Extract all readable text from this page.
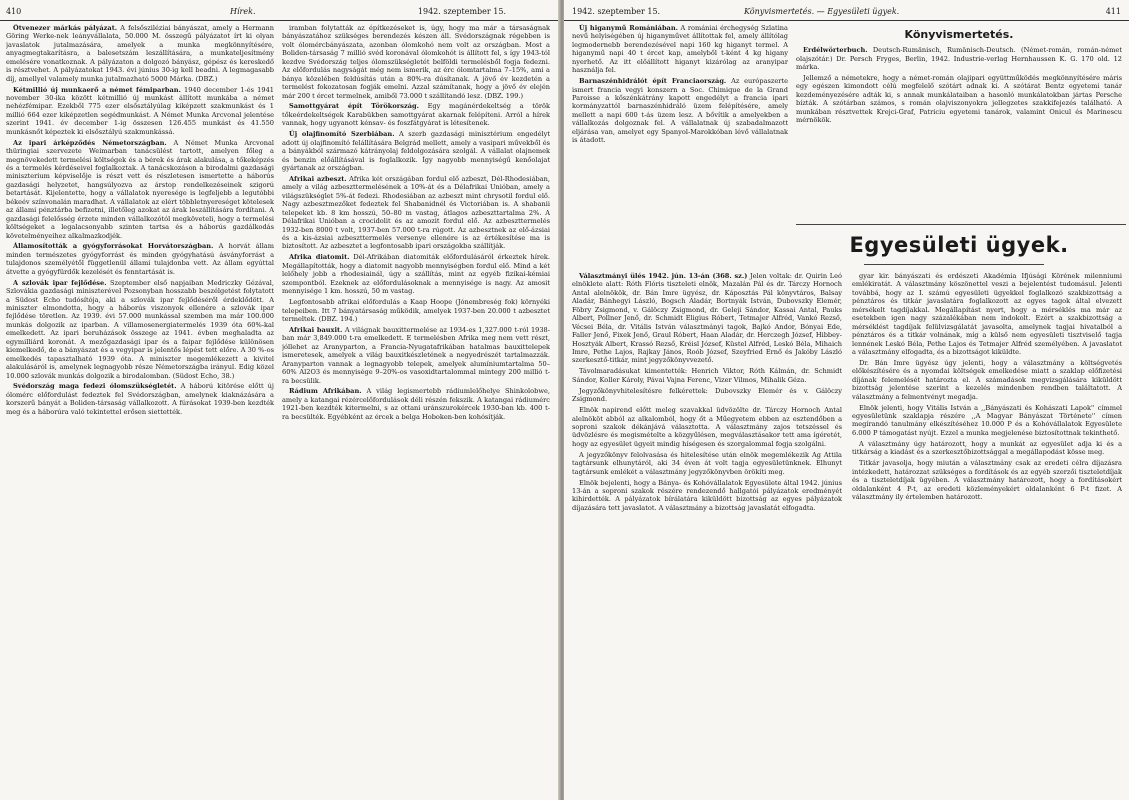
410	Hírek.	1942. szeptember 15.

Ötvenezer márkás pályázat. A felsősziléziai bányászat, amely a Hermann Göring Werke-nek leányvállalata, 50.000 M. összegű pályázatot írt ki olyan javaslatok jutalmazására, amelyek a munka megkönnyítésére, anyagmegtakarításra, a balesetszám leszállítására, a munkateljesítmény emelésére vonatkoznak. A pályázaton a dolgozó bányász, gépész és kereskedő is résztvehet. A pályázatokat 1943. évi június 30-ig kell beadni. A legmagasabb díj, amellyel valamely munka jutalmazható 5000 Márka. (DBZ.)

Kétmillió új munkaerő a német fémiparban. 1940 december 1-és 1941 november 30-ika között kétmillió új munkást állított munkába a német nehézfémipar. Ezekből 775 ezer elsősztályúlag kiképzett szakmunkást és 1 millió 664 ezer kiképzetlen segédmunkást. A Német Munka Arcvonal jelentése szerint 1941. év december 1-ig összesen 126.455 munkást és 41.550 munkásnőt képeztek ki elsősztályú szakmunkássá.

Az ipari árképződés Németországban. A Német Munka Arcvonal thüringiai szervezete Weimarban tanácsülést tartott, amelyen főleg a megnövekedett termelési költségek és a bérek és árak alakulása, a tőkeképzés és a termelés kérdéseivel foglalkoztak. A tanácskozáson a birodalmi gazdasági miniszterium képviselője is részt vett és részletesen ismertette a háborús gazdasági helyzetet, hangsúlyozva az árstop rendelkezéseinek szigorú betartását. Kijelentette, hogy a vállalatok nyeresége is legfeljebb a legutóbbi békeév színvonalán maradhat. A vállalatok az elért többletnyereséget kötelesek az állami pénztárba befizetni, illetőleg azokat az árak leszállítására fordítani. A gazdasági felelősség érzete minden vállalkozótól megköveteli, hogy a termelési költségeket a legalacsonyabb szinten tartsa és a háborús gazdálkodás követelményeihez alkalmazkodjék.

Államosították a gyógyforrásokat Horvátországban. A horvát állam minden természetes gyógyforrást és minden gyógyhatású ásványforrást a tulajdonos személyétől függetlenül állami tulajdonba vett. Az állam egyúttal átvette a gyógyfürdők kezelését és fenntartását is.

A szlovák ipar fejlődése. Szeptember első napjaiban Medriczky Gézával, Szlovákia gazdasági miniszterével Pozsonyban hosszabb beszélgetést folytatott a Südost Echo tudósítója, aki a szlovák ipar fejlődéséről érdeklődött. A miniszter elmondotta, hogy a háborús viszonyok ellenére a szlovák ipar fejlődése töretlen. Az 1939. évi 57.000 munkással szemben ma már 100.000 munkás dolgozik az iparban. A villamosenergiatermelés 1939 óta 60%-kal emelkedett. Az ipari beruházások összege az 1941. évben meghaladta az egymilliárd koronát. A mezőgazdasági ipar és a faipar fejlődése különösen kiemelkedő, de a bányászat és a vegyipar is jelentős lépést tett előre. A 30 %-os emelkedés tapasztalható 1939 óta. A miniszter megemlékezett a kivitel alakulásáról is, amelynek legnagyobb része Németországba irányul. Edig közel 10.000 szlovák munkás dolgozik a birodalomban. (Südost Echo, 38.)

Svédország maga fedezi ólomszükségletét. A háború kitörése előtt új ólomérc előfordulást fedeztek fel Svédországban, amelynek kiaknázására a korszerű bányát a Boliden-társaság vállalkozott. A fúrásokat 1939-ben kezdték meg és a háborúra való tekintettel erősen siettették.

iramban folytatták az építkezéseket is, úgy, hogy ma már a társaságnak bányászatához szükséges berendezés készen áll. Svédországnak régebben is volt ólomércbányászata, azonban ólomkohó nem volt az országban. Most a Boliden-társaság 7 millió svéd koronával ólomkohót is állított fel, s így 1943-tól kezdve Svédország teljes ólomszükségletét belföldi termelésből fogja fedezni. Az előfordulás nagyságát még nem ismerik, az érc ólomtartalma 7–15%, ami a bánya közelében feldúsítás után a 80%-ra dúsítanak. A jövő év kezdetén a termelést fokozatosan fogják emelni. Azzal számítanak, hogy a jövő év elején már 200 t ércet termelnek, amiből 73.000 t szállítandó lesz. (DBZ. 199.)

Samottgyárat épít Törökország. Egy magánérdekeltség a török tőkeérdekeltségek Karabükben samottgyárat akarnak felépíteni. Arról a hírek vannak, hogy ugyanott kénsav- és foszfátgyárat is létesítenek.

Új olajfinomító Szerbiában. A szerb gazdasági minisztérium engedélyt adott új olajfinomító felállítására Belgrád mellett, amely a vasipari művekből és a bányákból származó kátrányolaj feldolgozására szolgál. A vállalat olajnemek és benzin előállításával is foglalkozik. Így nagyobb mennyiségű kenőolajat gyártanak az országban.

Afrikai azbeszt. Afrika két országában fordul elő azbeszt, Dél-Rhodesiában, amely a világ azbeszttermelésének a 10%-át és a Délafrikai Unióban, amely a világszükséglet 5%-át fedezi. Rhodesiában az azbeszt mint chrysotil fordul elő. Nagy azbesztmezőket fedeztek fel Shabanidnél és Victoriában is. A shabanii telepeket kb. 8 km hosszú, 50–80 m vastag, átlagos azbeszttartalma 2%. A Délafrikai Unióban a crocidolit és az amozit fordul elő. Az azbeszttermelés 1932-ben 8000 t volt, 1937-ben 57.000 t-ra rúgott. Az azbesztnek az elő-ázsiai és a kis-ázsiai azbeszttermelés versenye ellenére is az értékesítése ma is biztosított. Az azbesztet a legfontosabb ipari országokba szállítják.

Afrika diatomit. Dél-Afrikában diatomiták előfordulásáról érkeztek hírek. Megállapították, hogy a diatomit nagyobb mennyiségben fordul elő. Mind a két lelőhely jobb a rhodesiainál, úgy a szállítás, mint az egyéb fizikai-kémiai szempontból. Ezeknek az előfordulásoknak a mennyisége is nagy. Az amosit mennyisége 1 km. hosszú, 50 m vastag.

Legfontosabb afrikai előfordulás a Kaap Hoope (Jónembreség fok) környéki telepeiben. Itt 7 bányatársaság működik, amelyek 1937-ben 20.000 t azbesztet termeltek. (DBZ. 194.)

Afrikai bauxit. A világnak bauxittermelése az 1934-es 1,327.000 t-ról 1938-ban már 3,849.000 t-ra emelkedett. E termelésben Afrika meg nem vett részt, jóllehet az Aranyparton, a Francia-Nyugatafrikában hatalmas bauxittelepek ismeretesek, amelyek a világ bauxitkészletének a negyedrészét tartalmazzák. Aranyparton vannak a legnagyobb telepek, amelyek alumíniumtartalma 50–60% Al2O3 és mennyisége 9–20%-os vasoxidtartalommal mintegy 200 millió t-ra becsülik.

Rádium Afrikában. A világ legismertebb rádiumlelőhelye Shinkolobwe, amely a katangai rézércelőfordulások déli részén fekszik. A katangai rádiumérc 1921-ben kezdték kitermelni, s az ottani uránszurokércek 1930-ban kb. 400 t-ra becsülték. Egyébként az ércek a belga Hoboken-ben kohósítják.

1942. szeptember 15.	Könyvismertetés. — Egyesületi ügyek.	411

Új higanymű Romániában. A romániai érchegység Szlatina nevű helyiségében új higanyművet állítottak fel, amely állítólag legmodernebb berendezésével napi 160 kg higanyt termel. A higanymű napi 40 t ércet kap, amelyből t-ként 4 kg higany nyerhető. Az itt előállított higanyt kizárólag az aranyipar használja fel.

Barnaszénhidrálót épít Franciaország. Az európaszerte ismert francia vegyi konszern a Soc. Chimique de la Grand Paroisse a kőszénkátrány kapott engedélyt a francia ipari kormányzattól barnaszénhidráló üzem felépítésére, amely mellett a napi 600 t-ás üzem lesz. A bővítik a amelyekben a vállalkozás dolgoznak fel. A vállalatnak új szabadalmazott eljárása van, amelyet egy Spanyol-Marokkóban lévő vállalatnak is átadott.

Könyvismertetés.

Erdélwörterbuch. Deutsch-Rumänisch, Rumänisch-Deutsch. (Német-román, román-német olajszótár.) Dr. Persch Fryges, Berlin, 1942. Industrie-verlag Hernhaussen K. G. 170 old. 12 márka.

Jellemző a németekre, hogy a német-román olajipari együttműködés megkönnyítésére máris egy egészen kimondott célú megfelelő szótárt adnak ki. A szótárat Bentz egyetemi tanár kezdeményezésére adták ki, s annak munkálataiban a hasonló munkálatokban jártas Persche bízták. A szótárban számos, s román olajviszonyokra jellegzetes szakkifejezés található. A munkában résztvettek Krejci-Graf, Patriciu egyetemi tanárok, valamint Onicul és Marinescu mérnökök.

Egyesületi ügyek.

Választmányi ülés 1942. jún. 13-án (368. sz.) Jelen voltak: dr. Quirin Leó elnöklete alatt: Róth Flóris tiszteleti elnök, Mazalán Pál és dr. Tárczy Hornoch Antal alelnökök, dr. Bán Imre ügyész, dr. Káposztás Pál könyvtáros, Balsay Aladár, Bánhegyi László, Bogsch Aladár, Bortnyák István, Dubovszky Elemér, Föbry Zsigmond, v. Gálöczy Zsigmond, dr. Geleji Sándor, Kassai Antal, Pauks Albert, Pollner Jenő, dr. Schmidt Eligius Róbert, Tetmajer Alfréd, Vankó Rezső, Vécsei Béla, dr. Vitális István választmányi tagok, Bajkó Andor, Bónyai Ede, Faller Jenő, Fixek Jenő, Graul Róbert, Haan Aladár, dr. Herczegh József, Hibbey-Hosztyák Albert, Krassó Rezső, Kréisl József, Küstel Alfréd, Leskó Béla, Mihaich Imre, Pethe Lajos, Rajkay János, Roób József, Szeyfried Ernő és Jakóby László szerkesztő-titkár, mint jegyzőkönyvvezető.

Távolmaradásukat kimentették: Henrich Viktor, Róth Kálmán, dr. Schmidt Sándor, Koller Károly, Pávai Vajna Ferenc, Vizer Vilmos, Mihalik Géza.

Jegyzőkönyvhitelesítésre felkérettek: Dubovszky Elemér és v. Gálöczy Zsigmond.

Elnök napirend előtt meleg szavakkal üdvözölte dr. Tárczy Hornoch Antal alelnököt abból az alkalomból, hogy őt a Műegyetem ebben az esztendőben a soproni szakok dékánjává választotta. A választmány zajos tetszéssel és üdvözlésre és megismételte a közgyűlésen, megválasztásakor tett ama ígéretét, hogy az egyesület ügyeit mindig híségesen és szorgalommal fogja szolgálni.

A jegyzőkönyv felolvasása és hitelesítése után elnök megemlékezik Ag Attila tagtársunk elhunytáról, aki 34 éven át volt tagja egyesületünknek. Elhunyt tagtársunk emlékét a választmány jegyzőkönyvben örökíti meg.

Elnök bejelenti, hogy a Bánya- és Kohóvállalatok Egyesülete által 1942. június 13-án a soproni szakok részére rendezendő hallgatói pályázatok eredményét kihirdették. A pályázatok bírálatára kiküldött bizottság az egyes pályázatok díjazására tett javaslatot. A választmány a bizottság javaslatát elfogadta.

gyar kir. bányászati és erdészeti Akadémia Ifjúsági Körének milenniumi emlékiratát. A választmány köszönettel veszi a bejelentést tudomásul. Jelenti továbbá, hogy az I. számú egyesületi ügyekkel foglalkozó szakbizottság a pénztáros és titkár javaslatára foglalkozott az egyes tagok által elvezett mérsékelt tagdíjakkal. Megállapítást nyert, hogy a mérséklés ma már az esetekben igen nagy százalékában nem indokolt. Ezért a szakbizottság a mérséklést tagdíjak felülvizsgálatát javasolta, amelynek tagjai hivatalból a pénztáros és a titkár volnának, míg a külső nem egyesületi tisztviselő tagja lennének Leskó Béla, Pethe Lajos és Tetmajer Alfréd személyében. A javaslatot a választmány elfogadta, és a bizottságot kiküldte.

Dr. Bán Imre ügyész úgy jelenti, hogy a választmány a költségvetés előkészítésére és a nyomdai költségek emelkedése miatt a szaklap előfizetési díjának felemelését határozta el. A számadások megvizsgálására kiküldött bizottság jelentése szerint a kezelés mindenben rendben találtatott. A választmány a felmentvényt megadja.

Elnök jelenti, hogy Vitális István a ,,Bányászati és Kohászati Lapok'' címmel egyesületünk szaklapja részére ,,A Magyar Bányászat Története'' címen megírandó tanulmány elkészítéséhez 10.000 P és a Kohóvállalatok Egyesülete 6.000 P támogatást nyújt. Ezzel a munka megjelenése biztosítottnak tekinthető.

A választmány úgy határozott, hogy a munkát az egyesület adja ki és a titkárság a kiadást és a szerkesztőbizottsággal a megállapodást kösse meg.

Titkár javasolja, hogy miután a választmány csak az eredeti célra díjazásra intézkedett, határozzat szükséges a fordítások és az egyéb szerzői tiszteletdíjak és a tiszteletdíjak ügyében. A választmány határozott, hogy a fordításokért oldalanként 4 P-t, az eredeti közleményekért oldalanként 6 P-t fizet. A választmány ily értelemben határozott.
